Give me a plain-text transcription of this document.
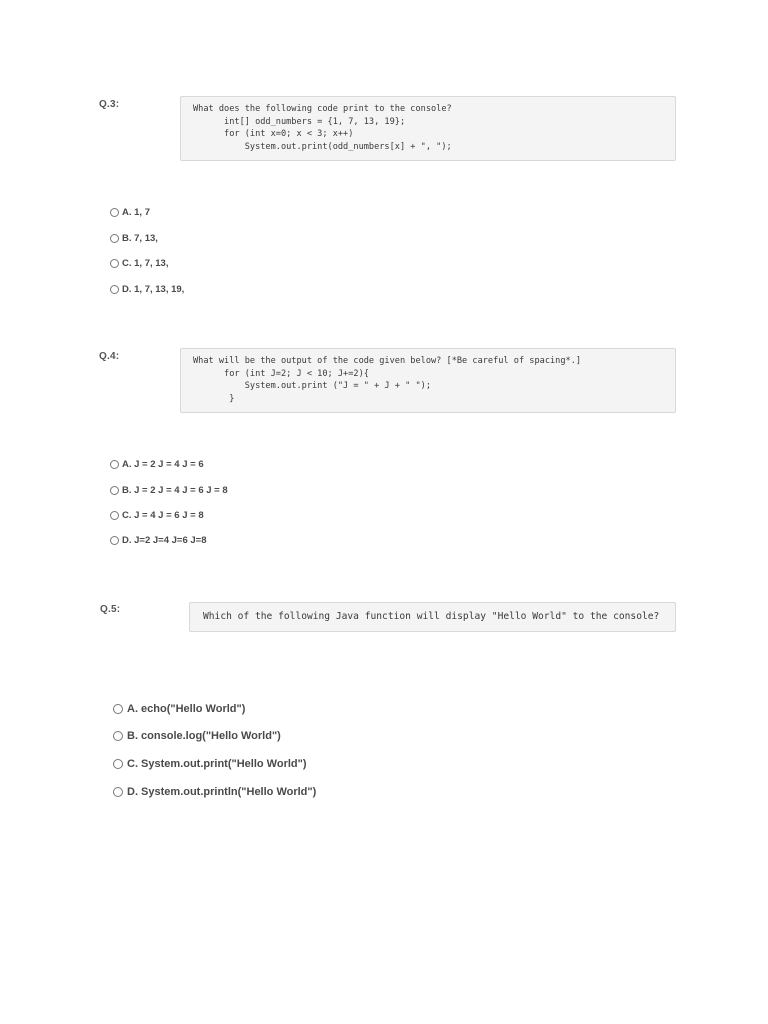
Q.3:	What does the following code print to the console?
int[] odd_numbers = {1, 7, 13, 19};
for (int x=0; x < 3; x++)
System.out.print(odd_numbers[x] + ", ");
A. 1, 7
B. 7, 13,
C. 1, 7, 13,
D. 1, 7, 13, 19,
Q.4:	What will be the output of the code given below? [*Be careful of spacing*.]
for (int J=2; J < 10; J+=2){
System.out.print ("J = " + J + " ");
}
A. J = 2 J = 4 J = 6
B. J = 2 J = 4 J = 6 J = 8
C. J = 4 J = 6 J = 8
D. J=2 J=4 J=6 J=8
Q.5:
Which of the following Java function will display "Hello World" to the console?
A. echo("Hello World")
B. console.log("Hello World")
C. System.out.print("Hello World")
D. System.out.println("Hello World")
